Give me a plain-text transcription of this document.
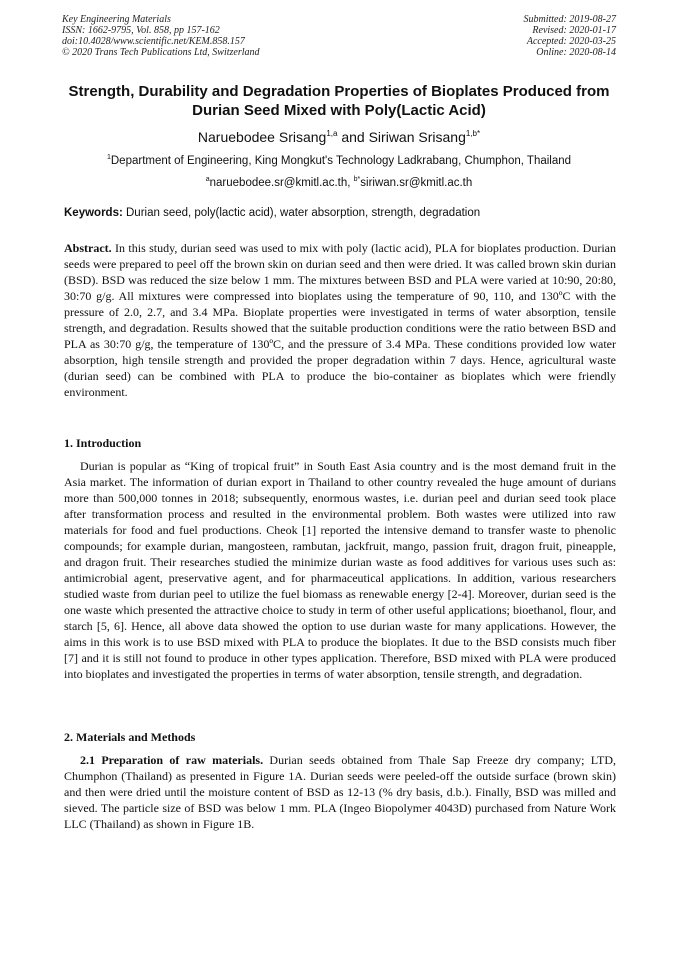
Key Engineering Materials
ISSN: 1662-9795, Vol. 858, pp 157-162
doi:10.4028/www.scientific.net/KEM.858.157
© 2020 Trans Tech Publications Ltd, Switzerland
Submitted: 2019-08-27
Revised: 2020-01-17
Accepted: 2020-03-25
Online: 2020-08-14
Strength, Durability and Degradation Properties of Bioplates Produced from Durian Seed Mixed with Poly(Lactic Acid)
Naruebodee Srisang$^{1,a}$ and Siriwan Srisang$^{1,b*}$
$^1$Department of Engineering, King Mongkut's Technology Ladkrabang, Chumphon, Thailand
$^a$naruebodee.sr@kmitl.ac.th, $^{b*}$siriwan.sr@kmitl.ac.th
Keywords: Durian seed, poly(lactic acid), water absorption, strength, degradation
Abstract. In this study, durian seed was used to mix with poly (lactic acid), PLA for bioplates production. Durian seeds were prepared to peel off the brown skin on durian seed and then were dried. It was called brown skin durian (BSD). BSD was reduced the size below 1 mm. The mixtures between BSD and PLA were varied at 10:90, 20:80, 30:70 g/g. All mixtures were compressed into bioplates using the temperature of 90, 110, and 130ºC with the pressure of 2.0, 2.7, and 3.4 MPa. Bioplate properties were investigated in terms of water absorption, tensile strength, and degradation. Results showed that the suitable production conditions were the ratio between BSD and PLA as 30:70 g/g, the temperature of 130ºC, and the pressure of 3.4 MPa. These conditions provided low water absorption, high tensile strength and provided the proper degradation within 7 days. Hence, agricultural waste (durian seed) can be combined with PLA to produce the bio-container as bioplates which were friendly environment.
1. Introduction
Durian is popular as “King of tropical fruit” in South East Asia country and is the most demand fruit in the Asia market. The information of durian export in Thailand to other country revealed the huge amount of durians more than 500,000 tonnes in 2018; subsequently, enormous wastes, i.e. durian peel and durian seed took place after transformation process and resulted in the environmental problem. Both wastes were utilized into raw materials for food and fuel productions. Cheok [1] reported the intensive demand to transfer waste to phenolic compounds; for example durian, mangosteen, rambutan, jackfruit, mango, passion fruit, dragon fruit, pineapple, and dragon fruit. Their researches studied the minimize durian waste as food additives for various uses such as: antimicrobial agent, preservative agent, and for pharmaceutical applications. In addition, various researchers studied waste from durian peel to utilize the fuel biomass as renewable energy [2-4]. Moreover, durian seed is the one waste which presented the attractive choice to study in term of other useful applications; bioethanol, flour, and starch [5, 6]. Hence, all above data showed the option to use durian waste for many applications. However, the aims in this work is to use BSD mixed with PLA to produce the bioplates. It due to the BSD consists much fiber [7] and it is still not found to produce in other types application. Therefore, BSD mixed with PLA were produced into bioplates and investigated the properties in terms of water absorption, tensile strength, and degradation.
2. Materials and Methods
2.1 Preparation of raw materials. Durian seeds obtained from Thale Sap Freeze dry company; LTD, Chumphon (Thailand) as presented in Figure 1A. Durian seeds were peeled-off the outside surface (brown skin) and then were dried until the moisture content of BSD as 12-13 (% dry basis, d.b.). Finally, BSD was milled and sieved. The particle size of BSD was below 1 mm. PLA (Ingeo Biopolymer 4043D) purchased from Nature Work LLC (Thailand) as shown in Figure 1B.
